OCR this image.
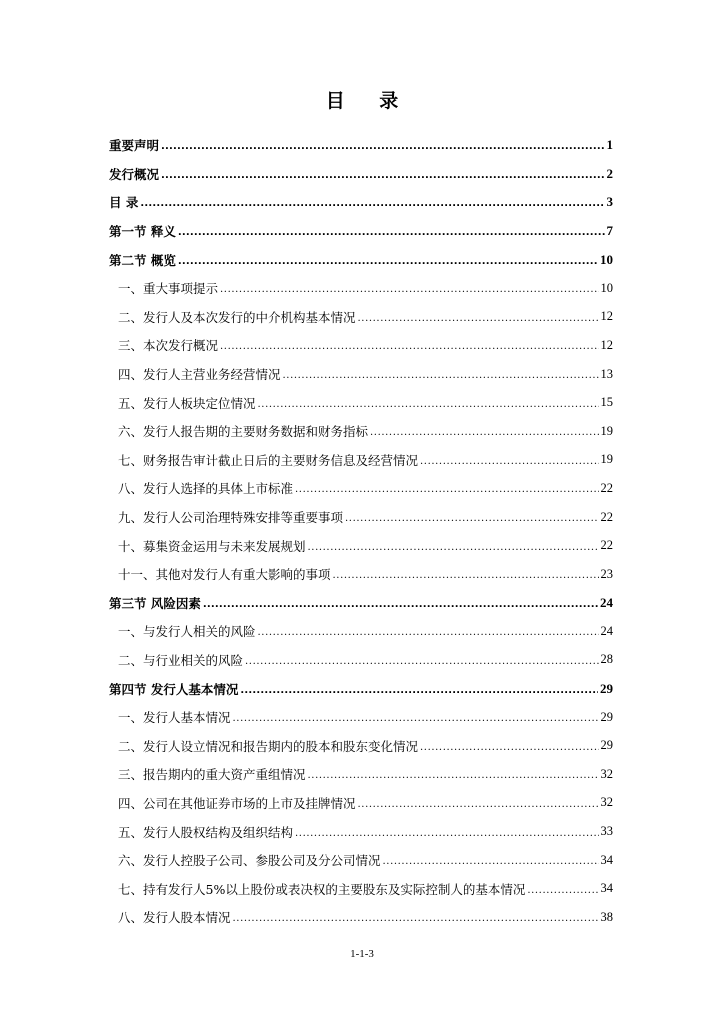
目 录
重要声明 .....	1
发行概况 .....	2
目 录 .....	3
第一节 释义 .....	7
第二节 概览 .....	10
一、重大事项提示 .....	10
二、发行人及本次发行的中介机构基本情况 .....	12
三、本次发行概况 .....	12
四、发行人主营业务经营情况 .....	13
五、发行人板块定位情况 .....	15
六、发行人报告期的主要财务数据和财务指标 .....	19
七、财务报告审计截止日后的主要财务信息及经营情况 .....	19
八、发行人选择的具体上市标准 .....	22
九、发行人公司治理特殊安排等重要事项 .....	22
十、募集资金运用与未来发展规划 .....	22
十一、其他对发行人有重大影响的事项 .....	23
第三节 风险因素 .....	24
一、与发行人相关的风险 .....	24
二、与行业相关的风险 .....	28
第四节 发行人基本情况 .....	29
一、发行人基本情况 .....	29
二、发行人设立情况和报告期内的股本和股东变化情况 .....	29
三、报告期内的重大资产重组情况 .....	32
四、公司在其他证券市场的上市及挂牌情况 .....	32
五、发行人股权结构及组织结构 .....	33
六、发行人控股子公司、参股公司及分公司情况 .....	34
七、持有发行人5%以上股份或表决权的主要股东及实际控制人的基本情况 .....	34
八、发行人股本情况 .....	38
1-1-3
